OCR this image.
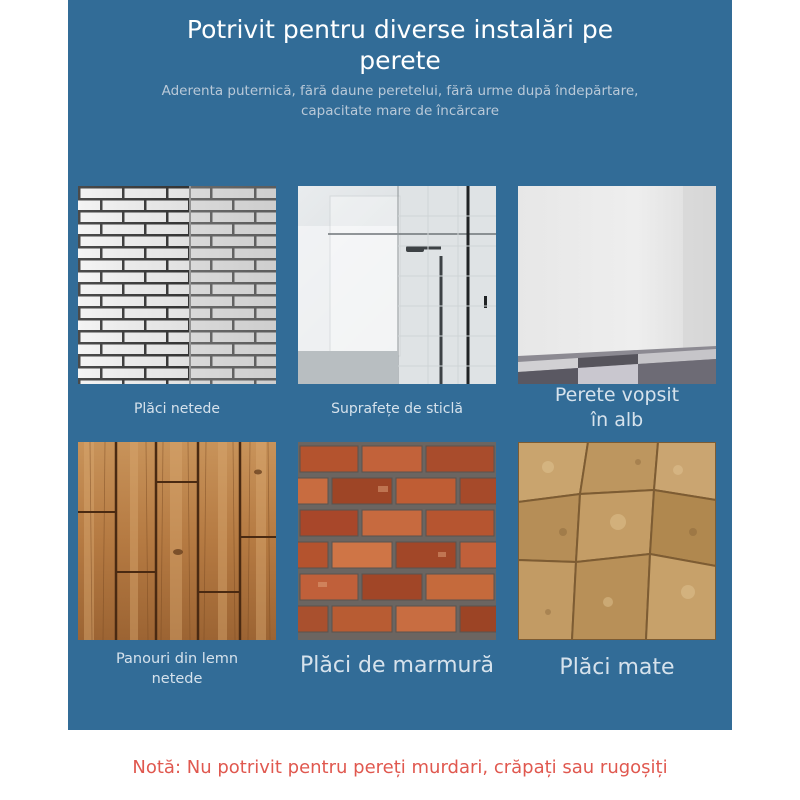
Potrivit pentru diverse instalări pe
perete
Aderenta puternică, fără daune peretelui, fără urme după îndepărtare,
capacitate mare de încărcare
Plăci netede	Suprafețe de sticlă
Perete vopsit
în alb
Panouri din lemn
netede
Plăci de marmură	Plăci mate
Notă: Nu potrivit pentru pereți murdari, crăpați sau rugoșiți
